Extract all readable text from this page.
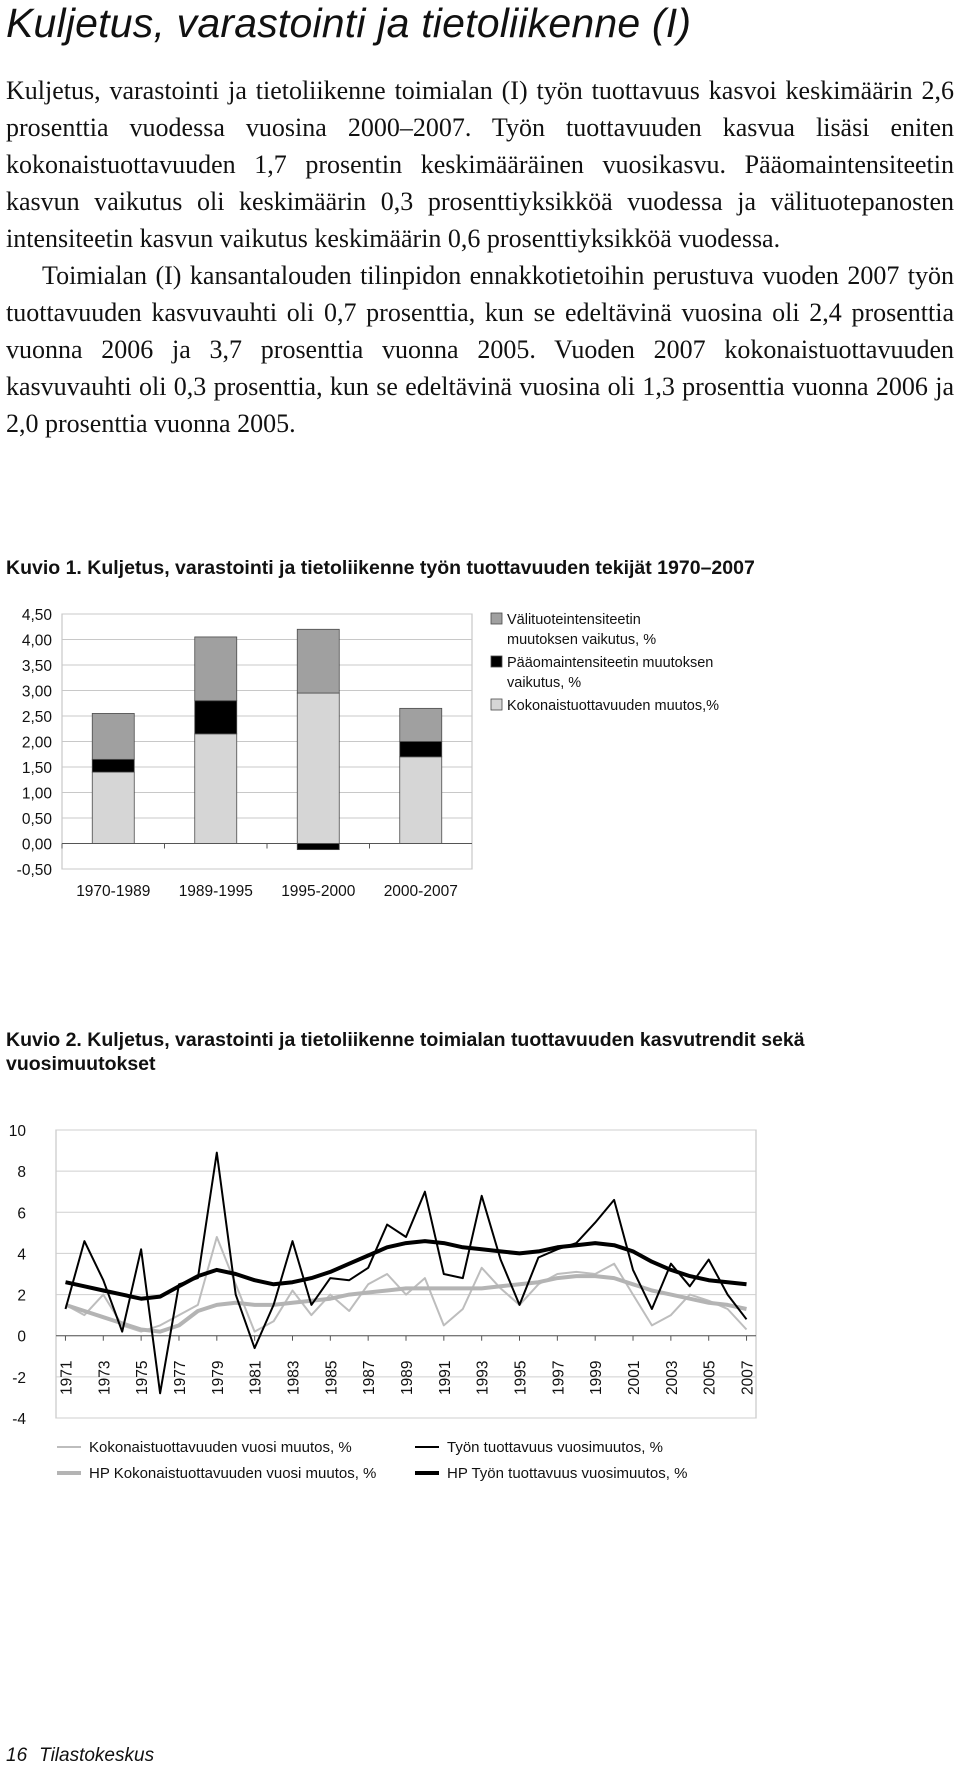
Kuljetus, varastointi ja tietoliikenne (I)

Kuljetus, varastointi ja tietoliikenne toimialan (I) työn tuottavuus kasvoi keskimäärin 2,6 prosenttia vuodessa vuosina 2000–2007. Työn tuottavuuden kasvua lisäsi eniten kokonaistuottavuuden 1,7 prosentin keskimääräinen vuosikasvu. Pääomaintensiteetin kasvun vaikutus oli keskimäärin 0,3 prosenttiyksikköä vuodessa ja välituotepanosten intensiteetin kasvun vaikutus keskimäärin 0,6 prosenttiyksikköä vuodessa.

Toimialan (I) kansantalouden tilinpidon ennakkotietoihin perustuva vuoden 2007 työn tuottavuuden kasvuvauhti oli 0,7 prosenttia, kun se edeltävinä vuosina oli 2,4 prosenttia vuonna 2006 ja 3,7 prosenttia vuonna 2005. Vuoden 2007 kokonaistuottavuuden kasvuvauhti oli 0,3 prosenttia, kun se edeltävinä vuosina oli 1,3 prosenttia vuonna 2006 ja 2,0 prosenttia vuonna 2005.

Kuvio 1. Kuljetus, varastointi ja tietoliikenne työn tuottavuuden tekijät 1970–2007

4,50
4,00
3,50
3,00
2,50
2,00
1,50
1,00
0,50
0,00
-0,50
1970-1989 1989-1995 1995-2000 2000-2007
Välituoteintensiteetin muutoksen vaikutus, %
Pääomaintensiteetin muutoksen vaikutus, %
Kokonaistuottavuuden muutos,%

Kuvio 2. Kuljetus, varastointi ja tietoliikenne toimialan tuottavuuden kasvutrendit sekä vuosimuutokset

10
8
6
4
2
0
-2
-4
1971 1973 1975 1977 1979 1981 1983 1985 1987 1989 1991 1993 1995 1997 1999 2001 2003 2005 2007
Kokonaistuottavuuden vuosi muutos, %	Työn tuottavuus vuosimuutos, %
HP Kokonaistuottavuuden vuosi muutos, %	HP Työn tuottavuus vuosimuutos, %

16 Tilastokeskus
